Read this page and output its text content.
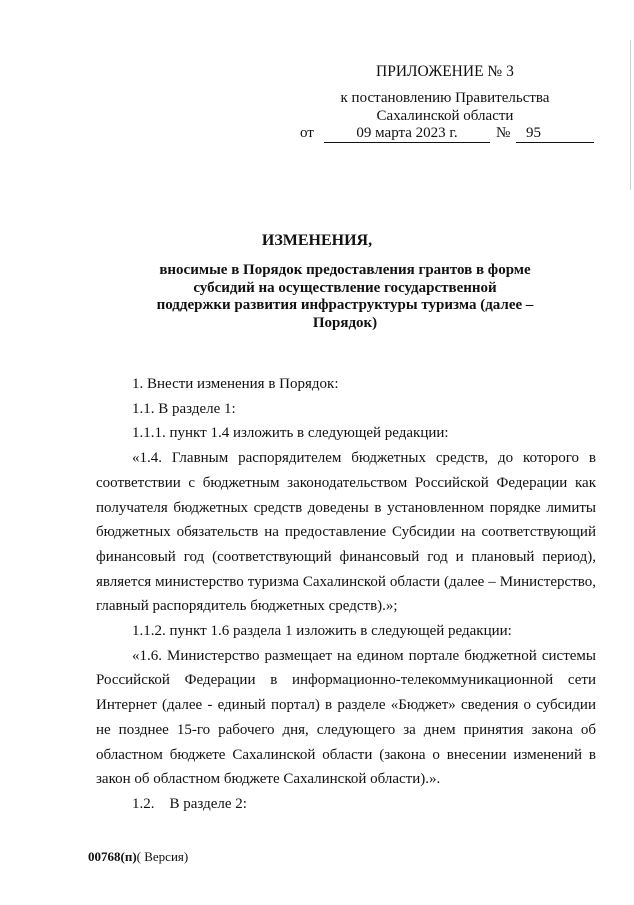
ПРИЛОЖЕНИЕ № 3
к постановлению Правительства
Сахалинской области
от	09 марта 2023 г.	№	95
ИЗМЕНЕНИЯ,
вносимые в Порядок предоставления грантов в форме
субсидий на осуществление государственной
поддержки развития инфраструктуры туризма (далее –
Порядок)

1. Внести изменения в Порядок:

1.1. В разделе 1:

1.1.1. пункт 1.4 изложить в следующей редакции:

«1.4. Главным распорядителем бюджетных средств, до которого в соответствии с бюджетным законодательством Российской Федерации как получателя бюджетных средств доведены в установленном порядке лимиты бюджетных обязательств на предоставление Субсидии на соответствующий финансовый год (соответствующий финансовый год и плановый период), является министерство туризма Сахалинской области (далее – Министерство, главный распорядитель бюджетных средств).»;

1.1.2. пункт 1.6 раздела 1 изложить в следующей редакции:

«1.6. Министерство размещает на едином портале бюджетной системы Российской Федерации в информационно-телекоммуникационной сети Интернет (далее - единый портал) в разделе «Бюджет» сведения о субсидии не позднее 15-го рабочего дня, следующего за днем принятия закона об областном бюджете Сахалинской области (закона о внесении изменений в закон об областном бюджете Сахалинской области).».

1.2.    В разделе 2:

00768(п)( Версия)
